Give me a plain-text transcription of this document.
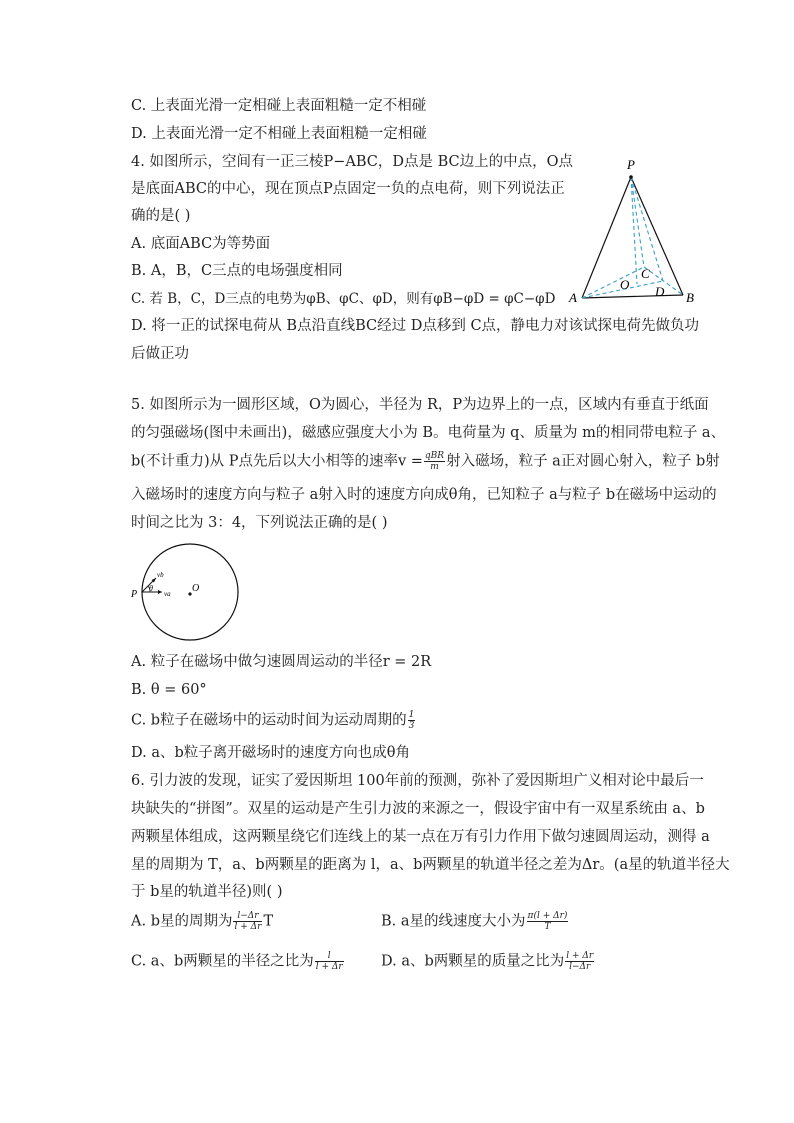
C. 上表面光滑一定相碰上表面粗糙一定不相碰
D. 上表面光滑一定不相碰上表面粗糙一定相碰
4. 如图所示，空间有一正三棱P−ABC，D点是 BC边上的中点，O点
是底面ABC的中心，现在顶点P点固定一负的点电荷，则下列说法正
确的是( )
A. 底面ABC为等势面
B. A，B，C三点的电场强度相同
C. 若 B，C，D三点的电势为φB、φC、φD，则有φB−φD = φC−φD
D. 将一正的试探电荷从 B点沿直线BC经过 D点移到 C点，静电力对该试探电荷先做负功
后做正功
P
A	B
C
D
O
5. 如图所示为一圆形区域，O为圆心，半径为 R，P为边界上的一点，区域内有垂直于纸面
的匀强磁场(图中未画出)，磁感应强度大小为 B。电荷量为 q、质量为 m的相同带电粒子 a、
b(不计重力)从 P点先后以大小相等的速率$v = \frac{\text{qBR}}{m}$ 射入磁场，粒子 a正对圆心射入，粒子 b射
入磁场时的速度方向与粒子 a射入时的速度方向成θ角，已知粒子 a与粒子 b在磁场中运动的
时间之比为 3：4，下列说法正确的是( )
O
P
θ
vb
va
A. 粒子在磁场中做匀速圆周运动的半径r = 2R
B. θ = 60°
C. b粒子在磁场中的运动时间为运动周期的 $\frac{1}{3}$
D. a、b粒子离开磁场时的速度方向也成θ角
6. 引力波的发现，证实了爱因斯坦 100年前的预测，弥补了爱因斯坦广义相对论中最后一
块缺失的“拼图”。双星的运动是产生引力波的来源之一，假设宇宙中有一双星系统由 a、b
两颗星体组成，这两颗星绕它们连线上的某一点在万有引力作用下做匀速圆周运动，测得 a
星的周期为 T，a、b两颗星的距离为 l，a、b两颗星的轨道半径之差为Δr。(a星的轨道半径大
于 b星的轨道半径)则( )
A. b星的周期为 $\frac{l-\Delta r}{l + \Delta r}$ T	B. a星的线速度大小为 $\frac{\pi(l + \Delta r)}{T}$
C. a、b两颗星的半径之比为 $\frac{l}{l + \Delta r}$	D. a、b两颗星的质量之比为 $\frac{l + \Delta r}{l-\Delta r}$
